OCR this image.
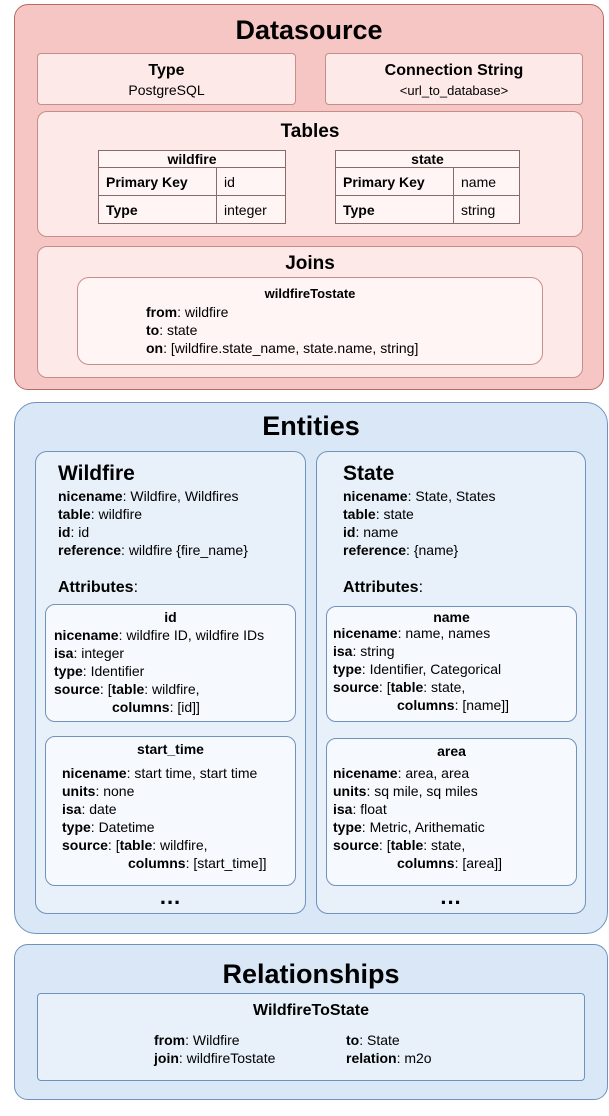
Datasource
Type
PostgreSQL
Connection String
<url_to_database>
Tables
wildfire	
Primary Key	id
Type	integer
state	
Primary Key	name
Type	string
Joins
wildfireTostate
from: wildfire
to: state
on: [wildfire.state_name, state.name, string]
Entities
Wildfire
nicename: Wildfire, Wildfires
table: wildfire
id: id
reference: wildfire {fire_name}
Attributes:
id
nicename: wildfire ID, wildfire IDs
isa: integer
type: Identifier
source: [table: wildfire,
columns: [id]]
start_time
nicename: start time, start time
units: none
isa: date
type: Datetime
source: [table: wildfire,
columns: [start_time]]
...
State
nicename: State, States
table: state
id: name
reference: {name}
Attributes:
name
nicename: name, names
isa: string
type: Identifier, Categorical
source: [table: state,
columns: [name]]
area
nicename: area, area
units: sq mile, sq miles
isa: float
type: Metric, Arithematic
source: [table: state,
columns: [area]]
...
Relationships
WildfireToState
from: Wildfire
join: wildfireTostate
to: State
relation: m2o
